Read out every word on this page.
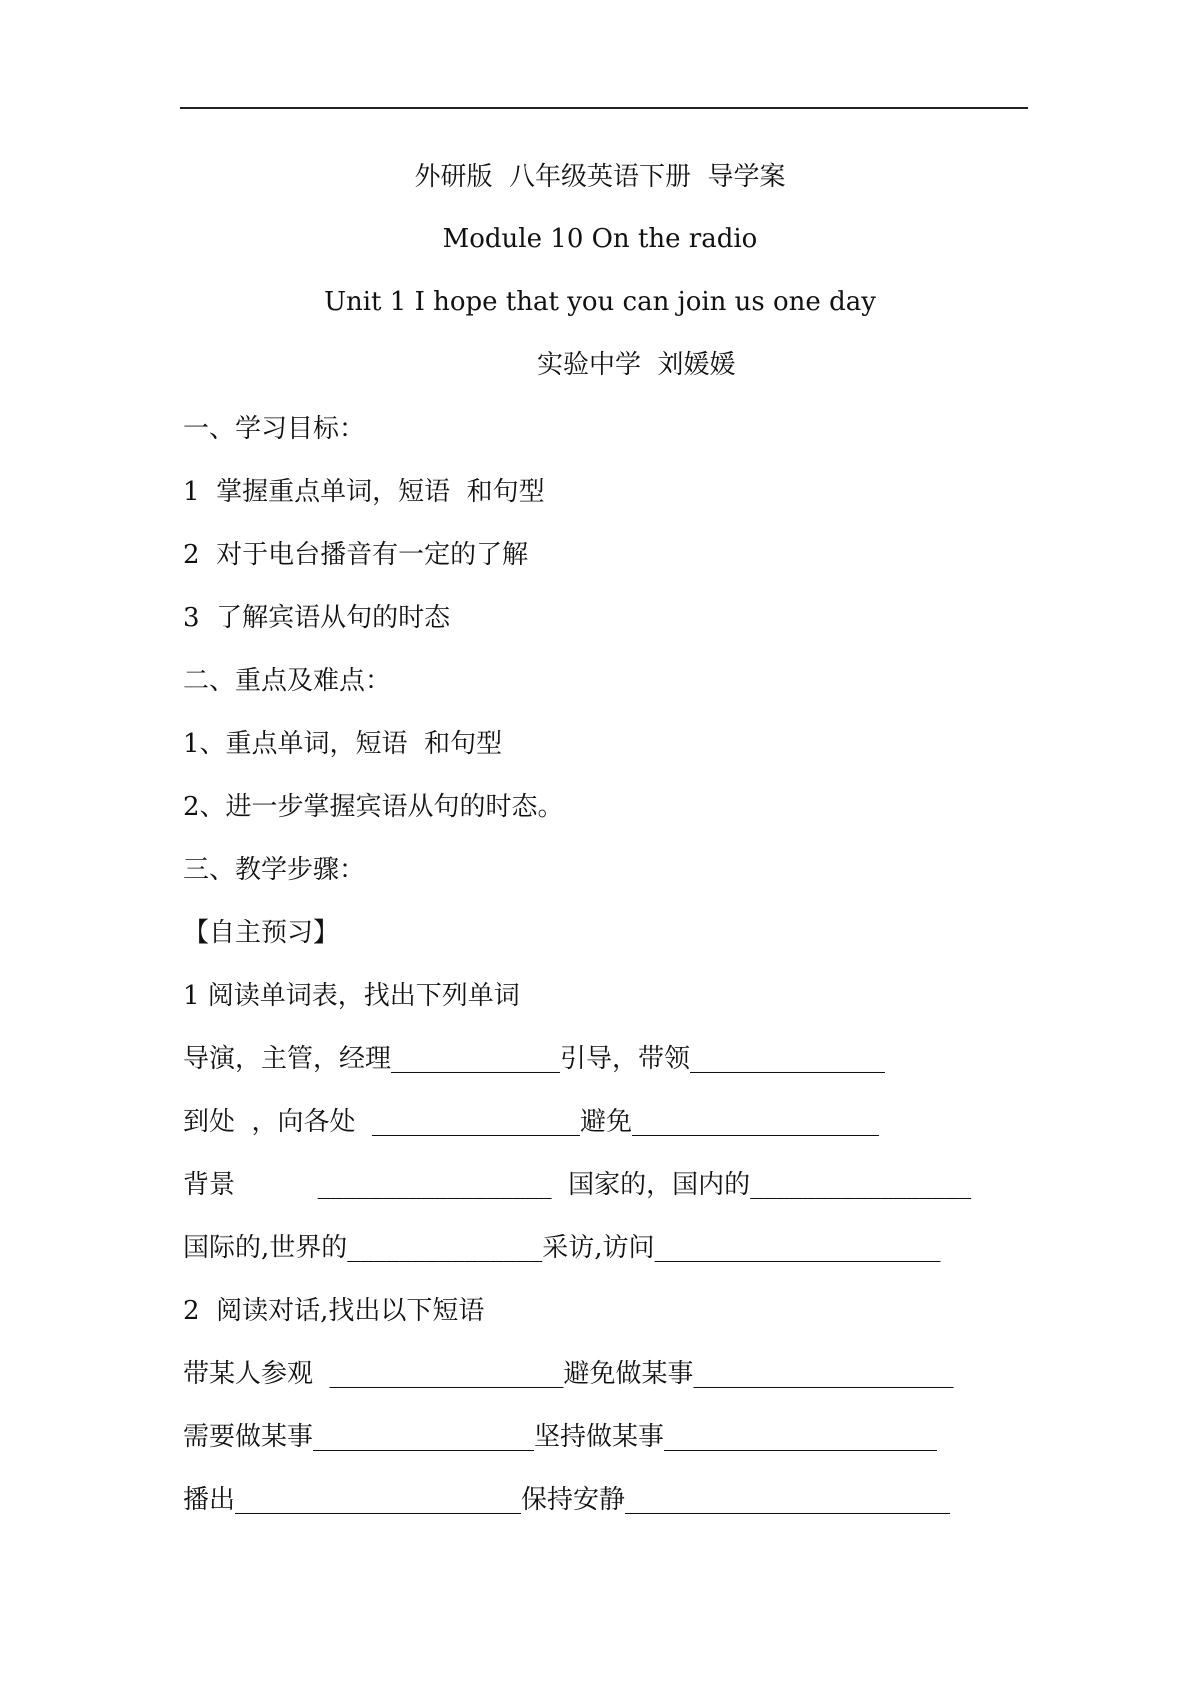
外研版  八年级英语下册  导学案
Module 10 On the radio
Unit 1 I hope that you can join us one day
实验中学  刘媛媛
一、学习目标：
1  掌握重点单词，短语  和句型
2  对于电台播音有一定的了解
3  了解宾语从句的时态
二、重点及难点：
1、重点单词，短语  和句型
2、进一步掌握宾语从句的时态。
三、教学步骤：
【自主预习】
1 阅读单词表，找出下列单词
导演，主管，经理_____________引导，带领_______________
到处  ，向各处  ________________避免___________________
背景          __________________  国家的，国内的_________________
国际的,世界的_______________采访,访问______________________
2  阅读对话,找出以下短语
带某人参观  __________________避免做某事____________________
需要做某事_________________坚持做某事_____________________
播出______________________保持安静_________________________
